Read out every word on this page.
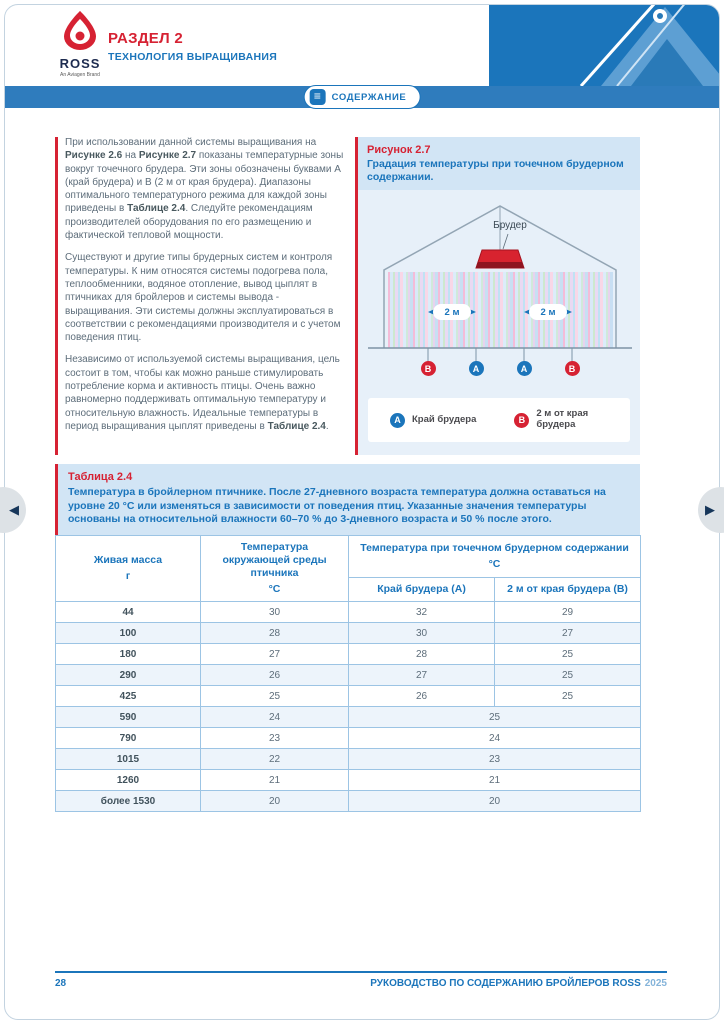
ROSS
An Aviagen Brand
РАЗДЕЛ 2
ТЕХНОЛОГИЯ ВЫРАЩИВАНИЯ
≡	СОДЕРЖАНИЕ

При использовании данной системы выращивания на Рисунке 2.6 на Рисунке 2.7 показаны температурные зоны вокруг точечного брудера. Эти зоны обозначены буквами А (край брудера) и В (2 м от края брудера). Диапазоны оптимального температурного режима для каждой зоны приведены в Таблице 2.4. Следуйте рекомендациям производителей оборудования по его размещению и фактической тепловой мощности.

Существуют и другие типы брудерных систем и контроля температуры. К ним относятся системы подогрева пола, теплообменники, водяное отопление, вывод цыплят в птичниках для бройлеров и системы вывода - выращивания. Эти системы должны эксплуатироваться в соответствии с рекомендациями производителя и с учетом поведения птиц.

Независимо от используемой системы выращивания, цель состоит в том, чтобы как можно раньше стимулировать потребление корма и активность птицы. Очень важно равномерно поддерживать оптимальную температуру и относительную влажность. Идеальные температуры в период выращивания цыплят приведены в Таблице 2.4.

Рисунок 2.7
Градация температуры при точечном брудерном содержании.
Брудер
2 м	2 м
В	А	А	В
А	Край брудера	В
2 м от края брудера
Таблица 2.4
Температура в бройлерном птичнике. После 27-дневного возраста температура должна оставаться на уровне 20 °C или изменяться в зависимости от поведения птиц. Указанные значения температуры основаны на относительной влажности 60–70 % до 3-дневного возраста и 50 % после этого.
Живая масса
г

Температура окружающей среды птичника
°C

Температура при точечном брудерном содержании
°C

		Край брудера (А)	2 м от края брудера (В)
44	30	32	29
100	28	30	27
180	27	28	25
290	26	27	25
425	25	26	25
590	24	25	
790	23	24	
1015	22	23	
1260	21	21	
более 1530	20	20	
28	РУКОВОДСТВО ПО СОДЕРЖАНИЮ БРОЙЛЕРОВ ROSS 2025
◀	▶
